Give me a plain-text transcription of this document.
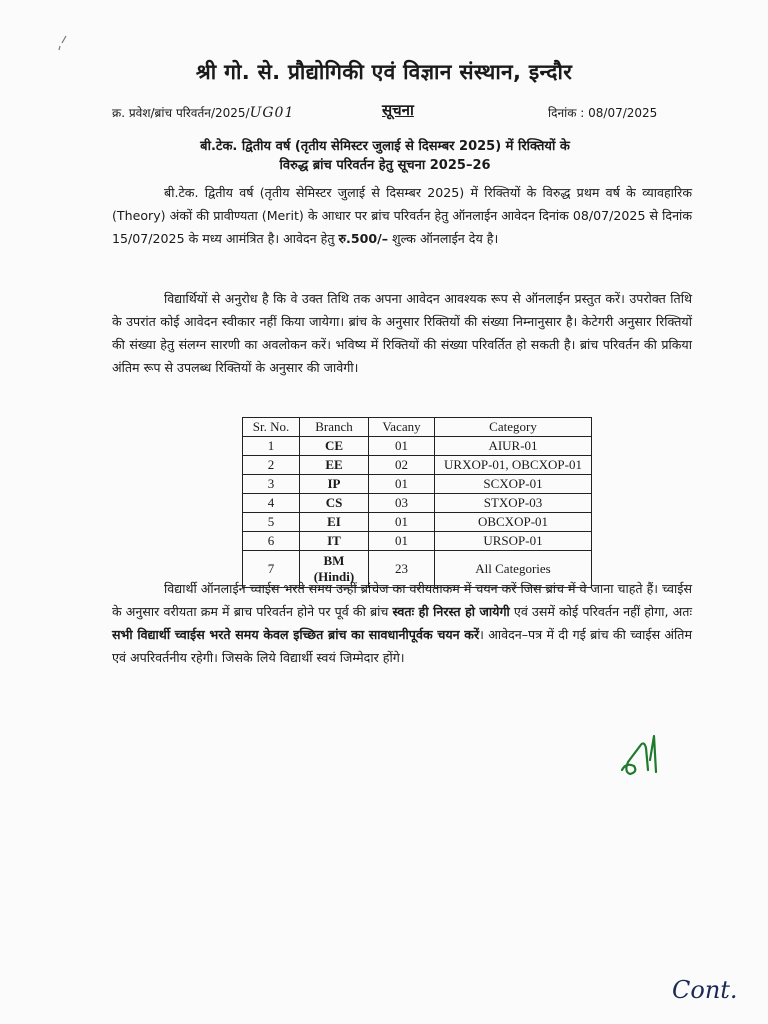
श्री गो. से. प्रौद्योगिकी एवं विज्ञान संस्थान, इन्दौर
क्र. प्रवेश/ब्रांच परिवर्तन/2025/UG01	सूचना	दिनांक : 08/07/2025
बी.टेक. द्वितीय वर्ष (तृतीय सेमिस्टर जुलाई से दिसम्बर 2025) में रिक्तियों के
विरुद्ध ब्रांच परिवर्तन हेतु सूचना 2025–26
बी.टेक. द्वितीय वर्ष (तृतीय सेमिस्टर जुलाई से दिसम्बर 2025) में रिक्तियों के विरुद्ध प्रथम वर्ष के व्यावहारिक (Theory) अंकों की प्रावीण्यता (Merit) के आधार पर ब्रांच परिवर्तन हेतु ऑनलाईन आवेदन दिनांक 08/07/2025 से दिनांक 15/07/2025 के मध्य आमंत्रित है। आवेदन हेतु रु.500/– शुल्क ऑनलाईन देय है।
विद्यार्थियों से अनुरोध है कि वे उक्त तिथि तक अपना आवेदन आवश्यक रूप से ऑनलाईन प्रस्तुत करें। उपरोक्त तिथि के उपरांत कोई आवेदन स्वीकार नहीं किया जायेगा। ब्रांच के अनुसार रिक्तियों की संख्या निम्नानुसार है। केटेगरी अनुसार रिक्तियों की संख्या हेतु संलग्न सारणी का अवलोकन करें। भविष्य में रिक्तियों की संख्या परिवर्तित हो सकती है। ब्रांच परिवर्तन की प्रकिया अंतिम रूप से उपलब्ध रिक्तियों के अनुसार की जावेगी।
Sr. No.	Branch	Vacany	Category
1	CE	01	AIUR-01
2	EE	02	URXOP-01, OBCXOP-01
3	IP	01	SCXOP-01
4	CS	03	STXOP-03
5	EI	01	OBCXOP-01
6	IT	01	URSOP-01
7	BM (Hindi)	23	All Categories
विद्यार्थी ऑनलाईन च्वाईस भरते समय उन्हीं ब्रांचेज का वरीयताकम में चयन करें जिस ब्रांच में वे जाना चाहते हैं। च्वाईस के अनुसार वरीयता क्रम में ब्राच परिवर्तन होने पर पूर्व की ब्रांच स्वतः ही निरस्त हो जायेगी एवं उसमें कोई परिवर्तन नहीं होगा, अतः सभी विद्यार्थी च्वाईस भरते समय केवल इच्छित ब्रांच का सावधानीपूर्वक चयन करें। आवेदन–पत्र में दी गई ब्रांच की च्वाईस अंतिम एवं अपरिवर्तनीय रहेगी। जिसके लिये विद्यार्थी स्वयं जिम्मेदार होंगे।
Cont.
